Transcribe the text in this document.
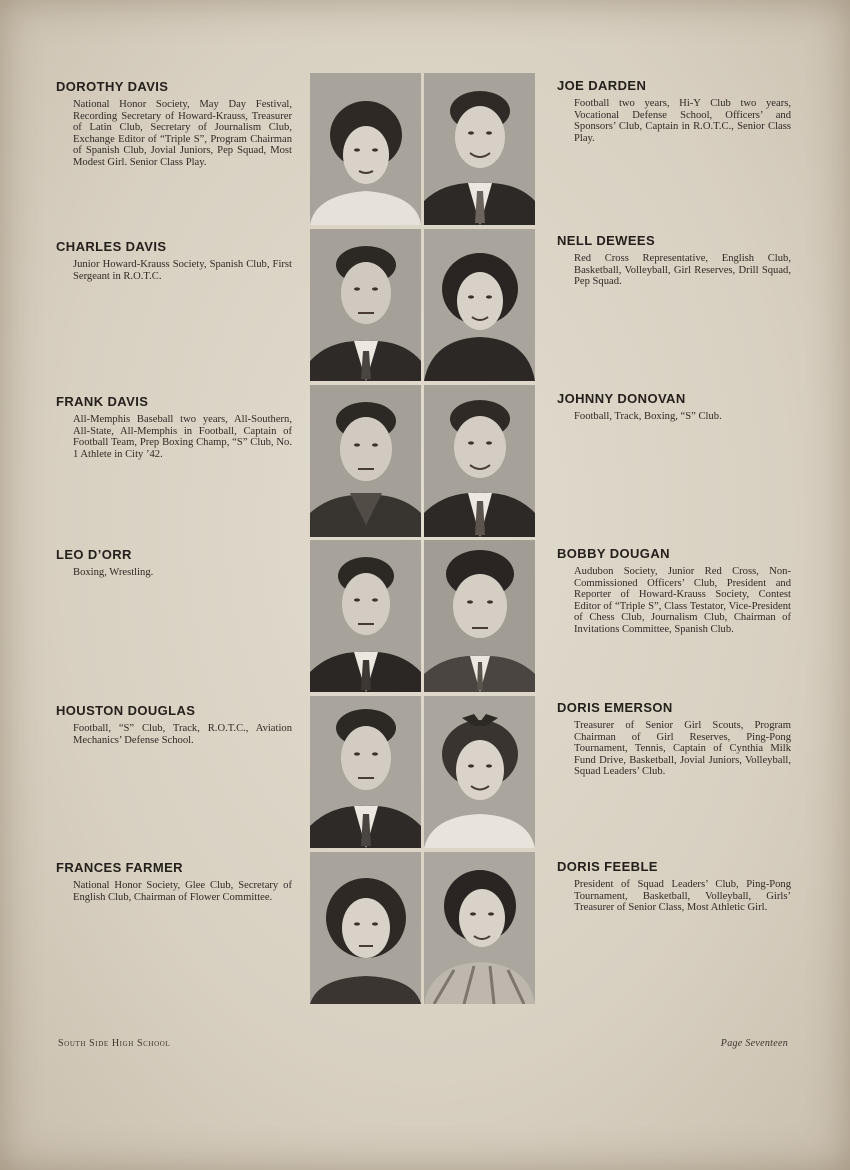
DOROTHY DAVIS

National Honor Society, May Day Festival, Recording Secretary of Howard-Krauss, Treasurer of Latin Club, Secretary of Journalism Club, Exchange Editor of “Triple S”, Program Chairman of Spanish Club, Jovial Juniors, Pep Squad, Most Modest Girl. Senior Class Play.

CHARLES DAVIS

Junior Howard-Krauss Society, Spanish Club, First Sergeant in R.O.T.C.

FRANK DAVIS

All-Memphis Baseball two years, All-Southern, All-State, All-Memphis in Football, Captain of Football Team, Prep Boxing Champ, “S” Club, No. 1 Athlete in City ’42.

LEO D’ORR

Boxing, Wrestling.

HOUSTON DOUGLAS

Football, “S” Club, Track, R.O.T.C., Aviation Mechanics’ Defense School.

FRANCES FARMER

National Honor Society, Glee Club, Secretary of English Club, Chairman of Flower Committee.

JOE DARDEN

Football two years, Hi-Y Club two years, Vocational Defense School, Officers’ and Sponsors’ Club, Captain in R.O.T.C., Senior Class Play.

NELL DEWEES

Red Cross Representative, English Club, Basketball, Volleyball, Girl Reserves, Drill Squad, Pep Squad.

JOHNNY DONOVAN

Football, Track, Boxing, “S” Club.

BOBBY DOUGAN

Audubon Society, Junior Red Cross, Non-Commissioned Officers’ Club, President and Reporter of Howard-Krauss Society, Contest Editor of “Triple S”, Class Testator, Vice-President of Chess Club, Journalism Club, Chairman of Invitations Committee, Spanish Club.

DORIS EMERSON

Treasurer of Senior Girl Scouts, Program Chairman of Girl Reserves, Ping-Pong Tournament, Tennis, Captain of Cynthia Milk Fund Drive, Basketball, Jovial Juniors, Volleyball, Squad Leaders’ Club.

DORIS FEEBLE

President of Squad Leaders’ Club, Ping-Pong Tournament, Basketball, Volleyball, Girls’ Treasurer of Senior Class, Most Athletic Girl.

South Side High School	Page Seventeen
